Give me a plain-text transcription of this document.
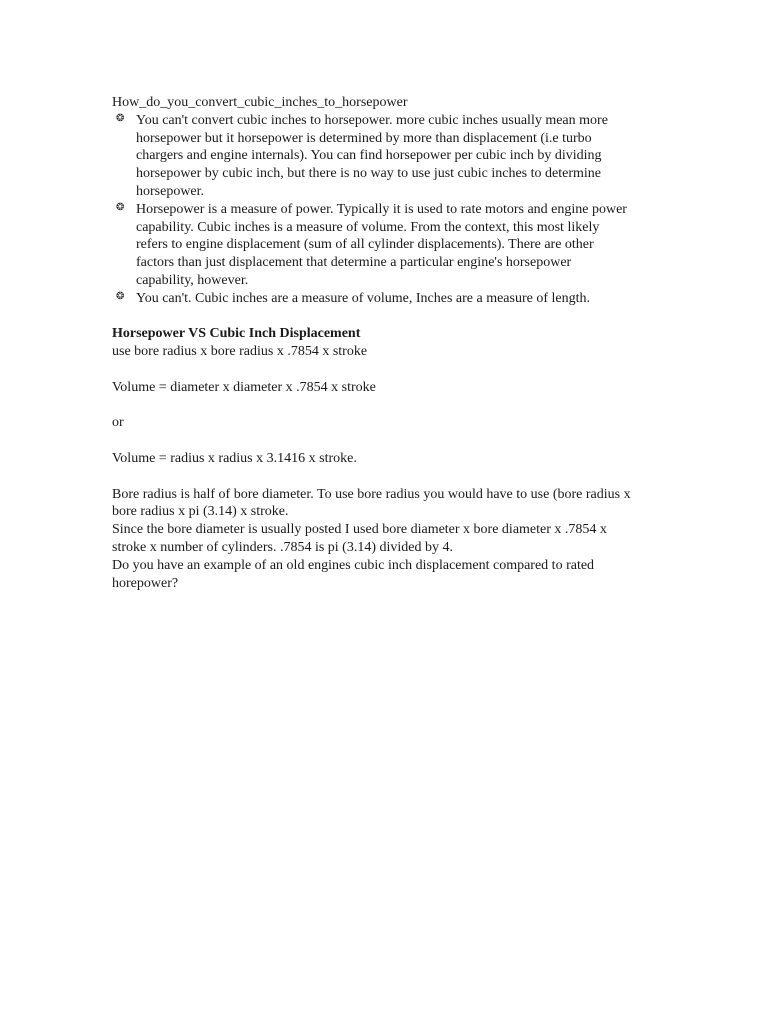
How_do_you_convert_cubic_inches_to_horsepower

❂ You can't convert cubic inches to horsepower. more cubic inches usually mean more horsepower but it horsepower is determined by more than displacement (i.e turbo chargers and engine internals). You can find horsepower per cubic inch by dividing horsepower by cubic inch, but there is no way to use just cubic inches to determine horsepower.

❂ Horsepower is a measure of power. Typically it is used to rate motors and engine power capability. Cubic inches is a measure of volume. From the context, this most likely refers to engine displacement (sum of all cylinder displacements). There are other factors than just displacement that determine a particular engine's horsepower capability, however.

❂ You can't. Cubic inches are a measure of volume, Inches are a measure of length.

Horsepower VS Cubic Inch Displacement

use bore radius x bore radius x .7854 x stroke

Volume = diameter x diameter x .7854 x stroke

or

Volume = radius x radius x 3.1416 x stroke.

Bore radius is half of bore diameter. To use bore radius you would have to use (bore radius x bore radius x pi (3.14) x stroke.

Since the bore diameter is usually posted I used bore diameter x bore diameter x .7854 x stroke x number of cylinders. .7854 is pi (3.14) divided by 4.

Do you have an example of an old engines cubic inch displacement compared to rated horepower?
